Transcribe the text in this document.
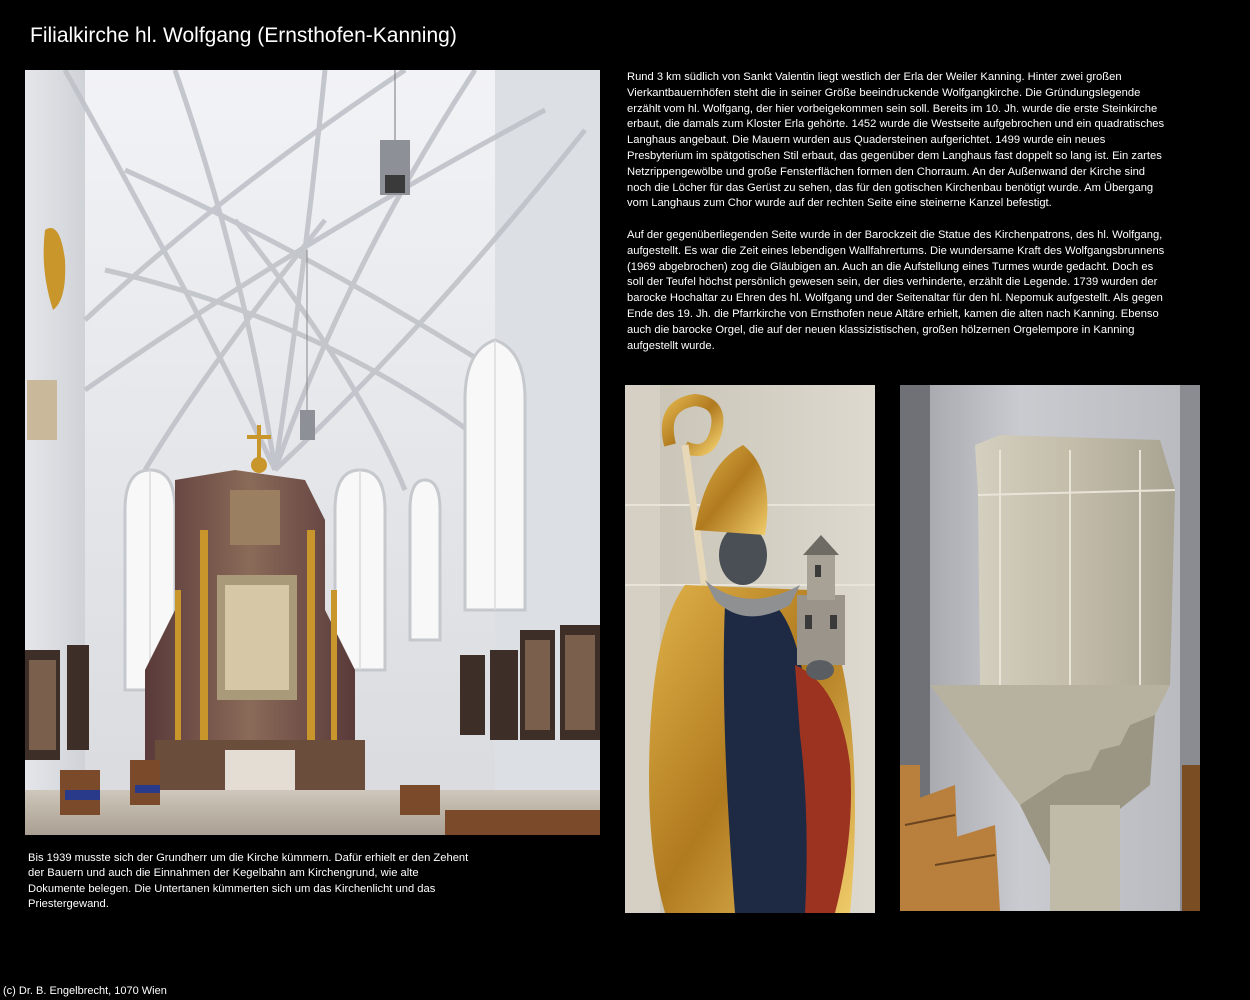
Filialkirche hl. Wolfgang (Ernsthofen-Kanning)

Rund 3 km südlich von Sankt Valentin liegt westlich der Erla der Weiler Kanning. Hinter zwei großen Vierkantbauernhöfen steht die in seiner Größe beeindruckende Wolfgangkirche. Die Gründungslegende erzählt vom hl. Wolfgang, der hier vorbeigekommen sein soll. Bereits im 10. Jh. wurde die erste Steinkirche erbaut, die damals zum Kloster Erla gehörte. 1452 wurde die Westseite aufgebrochen und ein quadratisches Langhaus angebaut. Die Mauern wurden aus Quadersteinen aufgerichtet. 1499 wurde ein neues Presbyterium im spätgotischen Stil erbaut, das gegenüber dem Langhaus fast doppelt so lang ist. Ein zartes Netzrippengewölbe und große Fensterflächen formen den Chorraum. An der Außenwand der Kirche sind noch die Löcher für das Gerüst zu sehen, das für den gotischen Kirchenbau benötigt wurde. Am Übergang vom Langhaus zum Chor wurde auf der rechten Seite eine steinerne Kanzel befestigt.

Auf der gegenüberliegenden Seite wurde in der Barockzeit die Statue des Kirchenpatrons, des hl. Wolfgang, aufgestellt. Es war die Zeit eines lebendigen Wallfahrertums. Die wundersame Kraft des Wolfgangsbrunnens (1969 abgebrochen) zog die Gläubigen an. Auch an die Aufstellung eines Turmes wurde gedacht. Doch es soll der Teufel höchst persönlich gewesen sein, der dies verhinderte, erzählt die Legende. 1739 wurden der barocke Hochaltar zu Ehren des hl. Wolfgang und der Seitenaltar für den hl. Nepomuk aufgestellt. Als gegen Ende des 19. Jh. die Pfarrkirche von Ernsthofen neue Altäre erhielt, kamen die alten nach Kanning. Ebenso auch die barocke Orgel, die auf der neuen klassizistischen, großen hölzernen Orgelempore in Kanning aufgestellt wurde.

Bis 1939 musste sich der Grundherr um die Kirche kümmern. Dafür erhielt er den Zehent der Bauern und auch die Einnahmen der Kegelbahn am Kirchengrund, wie alte Dokumente belegen. Die Untertanen kümmerten sich um das Kirchenlicht und das Priestergewand.

(c) Dr. B. Engelbrecht, 1070 Wien
